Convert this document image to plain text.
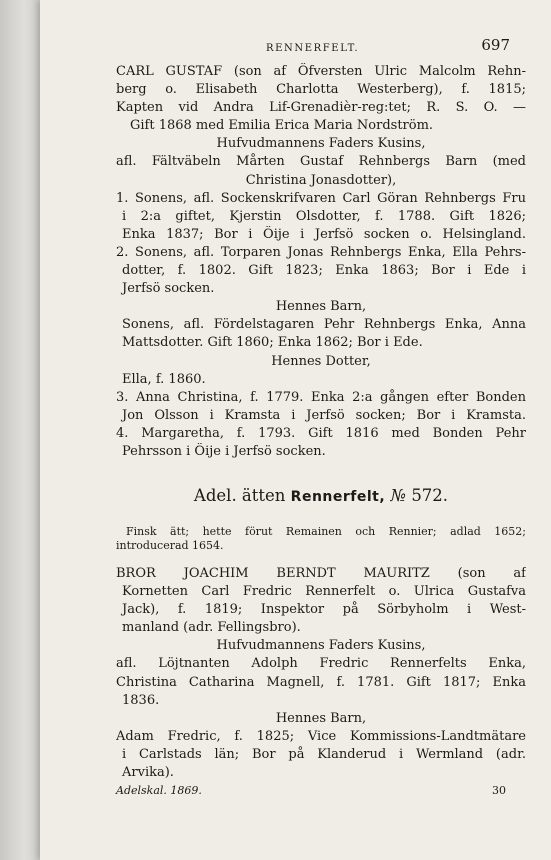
RENNERFELT.	697
CARL GUSTAF (son af Öfversten Ulric Malcolm Rehn-
berg o. Elisabeth Charlotta Westerberg), f. 1815;
Kapten vid Andra Lif-Grenadièr-reg:tet; R. S. O. —
Gift 1868 med Emilia Erica Maria Nordström.
Hufvudmannens Faders Kusins,
afl. Fältväbeln Mårten Gustaf Rehnbergs Barn (med
Christina Jonasdotter),
1. Sonens, afl. Sockenskrifvaren Carl Göran Rehnbergs Fru
i 2:a giftet, Kjerstin Olsdotter, f. 1788. Gift 1826;
Enka 1837; Bor i Öije i Jerfsö socken o. Helsingland.
2. Sonens, afl. Torparen Jonas Rehnbergs Enka, Ella Pehrs-
dotter, f. 1802. Gift 1823; Enka 1863; Bor i Ede i
Jerfsö socken.
Hennes Barn,
Sonens, afl. Fördelstagaren Pehr Rehnbergs Enka, Anna
Mattsdotter. Gift 1860; Enka 1862; Bor i Ede.
Hennes Dotter,
Ella, f. 1860.
3. Anna Christina, f. 1779. Enka 2:a gången efter Bonden
Jon Olsson i Kramsta i Jerfsö socken; Bor i Kramsta.
4. Margaretha, f. 1793. Gift 1816 med Bonden Pehr
Pehrsson i Öije i Jerfsö socken.
Adel. ätten Rennerfelt, № 572.
Finsk ätt; hette förut Remainen och Rennier; adlad 1652;
introducerad 1654.
BROR JOACHIM BERNDT MAURITZ (son af
Kornetten Carl Fredric Rennerfelt o. Ulrica Gustafva
Jack), f. 1819; Inspektor på Sörbyholm i West-
manland (adr. Fellingsbro).
Hufvudmannens Faders Kusins,
afl. Löjtnanten Adolph Fredric Rennerfelts Enka,
Christina Catharina Magnell, f. 1781. Gift 1817; Enka
1836.
Hennes Barn,
Adam Fredric, f. 1825; Vice Kommissions-Landtmätare
i Carlstads län; Bor på Klanderud i Wermland (adr.
Arvika).
Adelskal. 1869.	30
